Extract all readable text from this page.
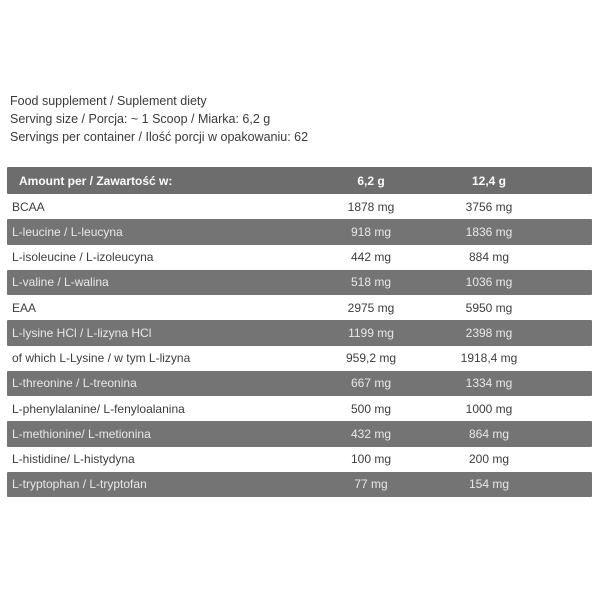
Food supplement / Suplement diety
Serving size / Porcja: ~ 1 Scoop / Miarka: 6,2 g
Servings per container / Ilość porcji w opakowaniu: 62
Amount per / Zawartość w:	6,2 g	12,4 g
BCAA	1878 mg	3756 mg
L-leucine / L-leucyna	918 mg	1836 mg
L-isoleucine / L-izoleucyna	442 mg	884 mg
L-valine / L-walina	518 mg	1036 mg
EAA	2975 mg	5950 mg
L-lysine HCl / L-lizyna HCl	1199 mg	2398 mg
of which L-Lysine / w tym L-lizyna	959,2 mg	1918,4 mg
L-threonine / L-treonina	667 mg	1334 mg
L-phenylalanine/ L-fenyloalanina	500 mg	1000 mg
L-methionine/ L-metionina	432 mg	864 mg
L-histidine/ L-histydyna	100 mg	200 mg
L-tryptophan / L-tryptofan	77 mg	154 mg
